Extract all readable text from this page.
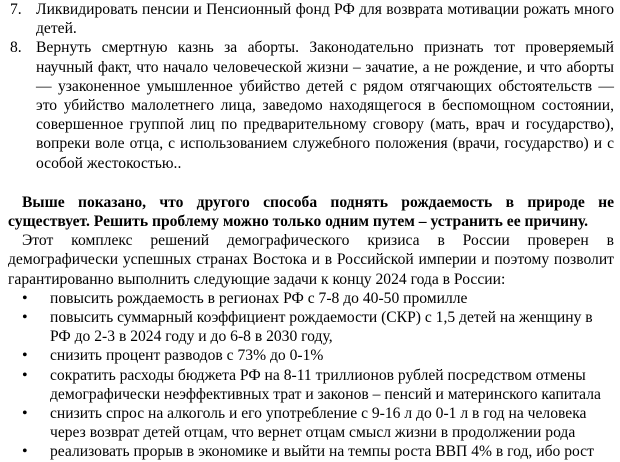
7. Ликвидировать пенсии и Пенсионный фонд РФ для возврата мотивации рожать много детей.
8. Вернуть смертную казнь за аборты. Законодательно признать тот проверяемый научный факт, что начало человеческой жизни – зачатие, а не рождение, и что аборты — узаконенное умышленное убийство детей с рядом отягчающих обстоятельств — это убийство малолетнего лица, заведомо находящегося в беспомощном состоянии, совершенное группой лиц по предварительному сговору (мать, врач и государство), вопреки воле отца, с использованием служебного положения (врачи, государство) и с особой жестокостью..

Выше показано, что другого способа поднять рождаемость в природе не существует. Решить проблему можно только одним путем – устранить ее причину.

Этот комплекс решений демографического кризиса в России проверен в демографически успешных странах Востока и в Российской империи и поэтому позволит гарантированно выполнить следующие задачи к концу 2024 года в России:

• повысить рождаемость в регионах РФ с 7-8 до 40-50 промилле
• повысить суммарный коэффициент рождаемости (СКР) с 1,5 детей на женщину в РФ до 2-3 в 2024 году и до 6-8 в 2030 году,
• снизить процент разводов с 73% до 0-1%
• сократить расходы бюджета РФ на 8-11 триллионов рублей посредством отмены демографически неэффективных трат и законов – пенсий и материнского капитала
• снизить спрос на алкоголь и его употребление с 9-16 л до 0-1 л в год на человека через возврат детей отцам, что вернет отцам смысл жизни в продолжении рода
• реализовать прорыв в экономике и выйти на темпы роста ВВП 4% в год, ибо рост
